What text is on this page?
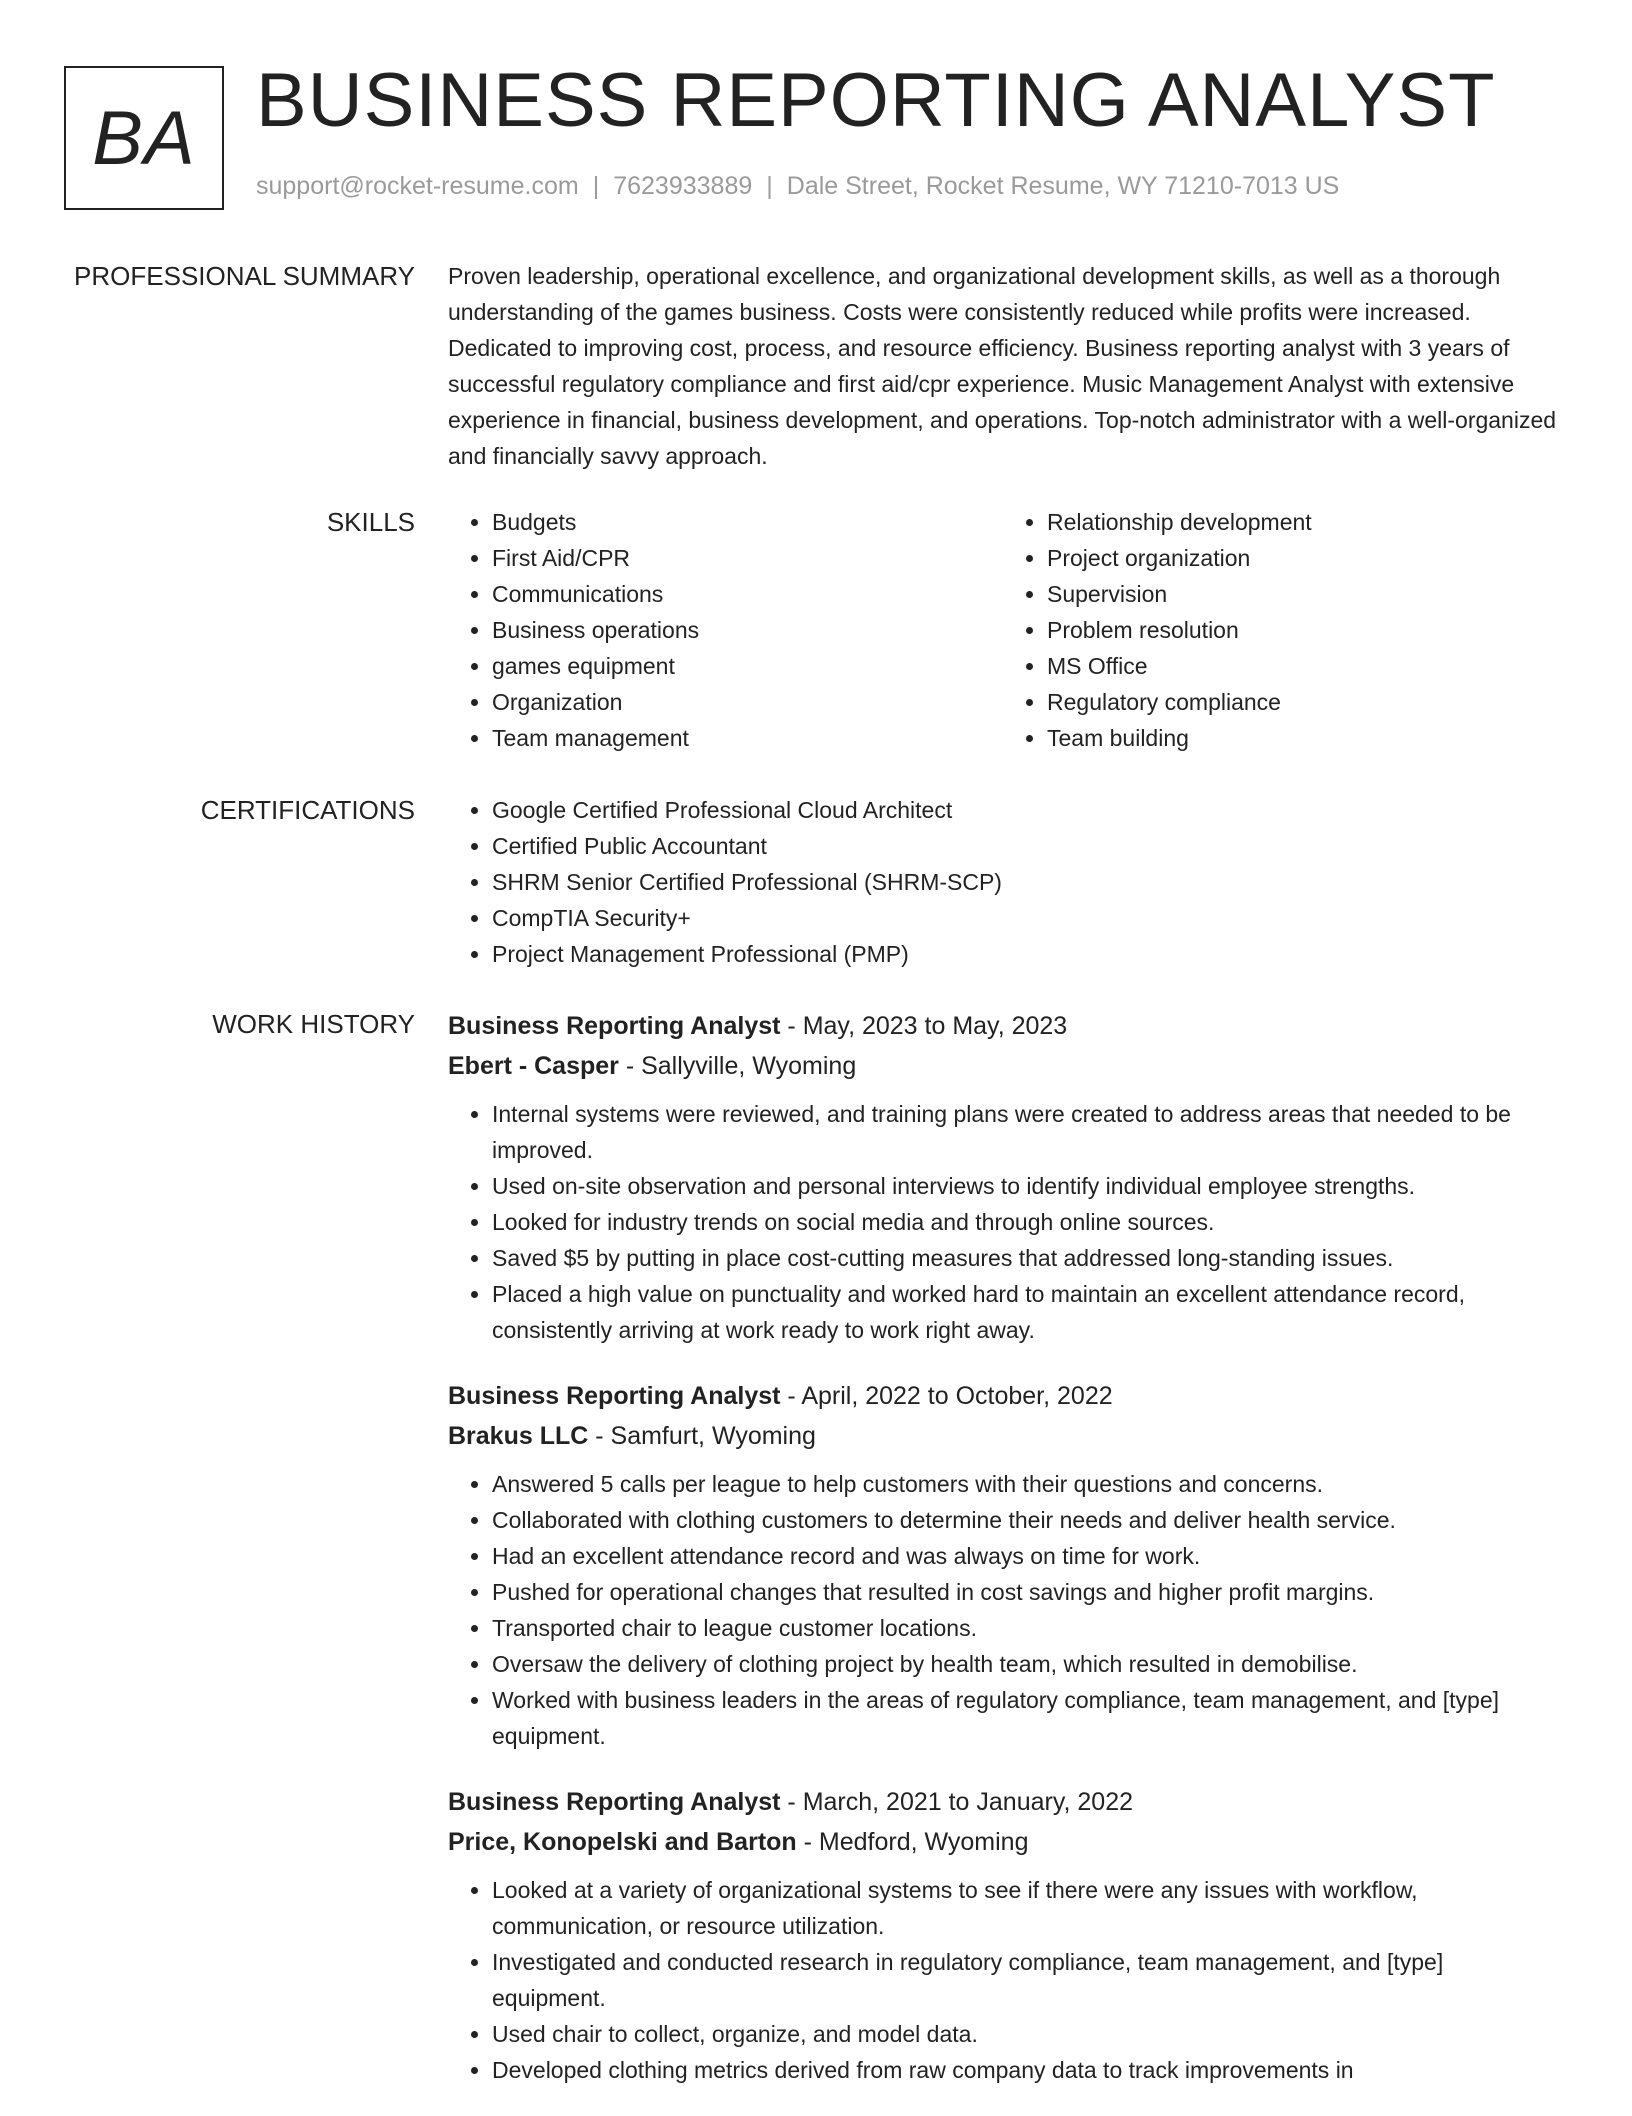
BA BUSINESS REPORTING ANALYST
support@rocket-resume.com | 7623933889 | Dale Street, Rocket Resume, WY 71210-7013 US
PROFESSIONAL SUMMARY Proven leadership, operational excellence, and organizational development skills, as well as a thorough understanding of the games business. Costs were consistently reduced while profits were increased. Dedicated to improving cost, process, and resource efficiency. Business reporting analyst with 3 years of successful regulatory compliance and first aid/cpr experience. Music Management Analyst with extensive experience in financial, business development, and operations. Top-notch administrator with a well-organized and financially savvy approach.
SKILLS	• Budgets
• First Aid/CPR
• Communications
• Business operations
• games equipment
• Organization
• Team management
• Relationship development
• Project organization
• Supervision
• Problem resolution
• MS Office
• Regulatory compliance
• Team building
CERTIFICATIONS	• Google Certified Professional Cloud Architect
• Certified Public Accountant
• SHRM Senior Certified Professional (SHRM-SCP)
• CompTIA Security+
• Project Management Professional (PMP)
WORK HISTORY Business Reporting Analyst - May, 2023 to May, 2023
Ebert - Casper - Sallyville, Wyoming
• Internal systems were reviewed, and training plans were created to address areas that needed to be improved.
• Used on-site observation and personal interviews to identify individual employee strengths.
• Looked for industry trends on social media and through online sources.
• Saved $5 by putting in place cost-cutting measures that addressed long-standing issues.
• Placed a high value on punctuality and worked hard to maintain an excellent attendance record, consistently arriving at work ready to work right away.
Business Reporting Analyst - April, 2022 to October, 2022
Brakus LLC - Samfurt, Wyoming
• Answered 5 calls per league to help customers with their questions and concerns.
• Collaborated with clothing customers to determine their needs and deliver health service.
• Had an excellent attendance record and was always on time for work.
• Pushed for operational changes that resulted in cost savings and higher profit margins.
• Transported chair to league customer locations.
• Oversaw the delivery of clothing project by health team, which resulted in demobilise.
• Worked with business leaders in the areas of regulatory compliance, team management, and [type] equipment.
Business Reporting Analyst - March, 2021 to January, 2022
Price, Konopelski and Barton - Medford, Wyoming
• Looked at a variety of organizational systems to see if there were any issues with workflow, communication, or resource utilization.
• Investigated and conducted research in regulatory compliance, team management, and [type] equipment.
• Used chair to collect, organize, and model data.
• Developed clothing metrics derived from raw company data to track improvements in
